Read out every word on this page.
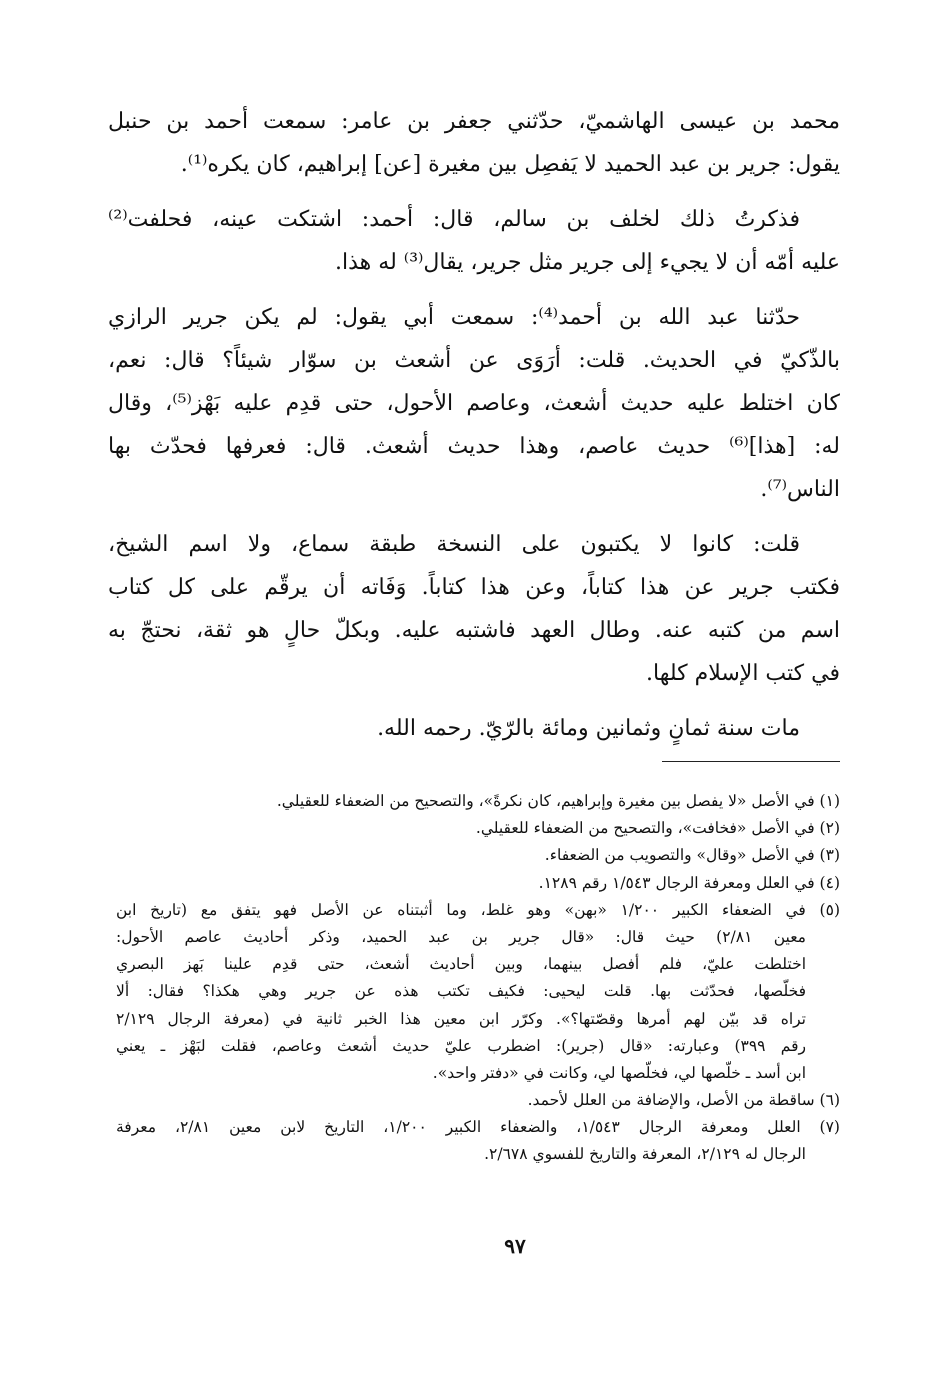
محمد بن عيسى الهاشميّ، حدّثني جعفر بن عامر: سمعت أحمد بن حنبل
يقول: جرير بن عبد الحميد لا يَفصِل بين مغيرة [عن] إبراهيم، كان يكره⁽¹⁾.
فذكرتُ ذلك لخلف بن سالم، قال: أحمد: اشتكت عينه، فحلفت⁽²⁾
عليه أمّه أن لا يجيء إلى جرير مثل جرير، يقال⁽³⁾ له هذا.
حدّثنا عبد الله بن أحمد⁽⁴⁾: سمعت أبي يقول: لم يكن جرير الرازي
بالذّكيّ في الحديث. قلت: أرَوَى عن أشعث بن سوّار شيئاً؟ قال: نعم،
كان اختلط عليه حديث أشعث، وعاصم الأحول، حتى قدِم عليه بَهْز⁽⁵⁾، وقال
له: [هذا]⁽⁶⁾ حديث عاصم، وهذا حديث أشعث. قال: فعرفها فحدّث بها
الناس⁽⁷⁾.
قلت: كانوا لا يكتبون على النسخة طبقة سماع، ولا اسم الشيخ،
فكتب جرير عن هذا كتاباً، وعن هذا كتاباً. وَفَاته أن يرقّم على كل كتاب
اسم من كتبه عنه. وطال العهد فاشتبه عليه. وبكلّ حالٍ هو ثقة، نحتجّ به
في كتب الإسلام كلها.
مات سنة ثمانٍ وثمانين ومائة بالرّيّ. رحمه الله.
(١) في الأصل «لا يفصل بين مغيرة وإبراهيم، كان نكرةً»، والتصحيح من الضعفاء للعقيلي.
(٢) في الأصل «فخافت»، والتصحيح من الضعفاء للعقيلي.
(٣) في الأصل «وقال» والتصويب من الضعفاء.
(٤) في العلل ومعرفة الرجال ١/٥٤٣ رقم ١٢٨٩.
(٥) في الضعفاء الكبير ١/٢٠٠ «بهن» وهو غلط، وما أثبتناه عن الأصل فهو يتفق مع (تاريخ ابن
معين ٢/٨١) حيث قال: «قال جرير بن عبد الحميد، وذكر أحاديث عاصم الأحول:
اختلطت عليّ، فلم أفصل بينهما، وبين أحاديث أشعث، حتى قدِم علينا بَهز البصري
فخلّصها، فحدّثت بها. قلت ليحيى: فكيف تكتب هذه عن جرير وهي هكذا؟ فقال: ألا
تراه قد بيّن لهم أمرها وقصّتها؟». وكرّر ابن معين هذا الخبر ثانية في (معرفة الرجال ٢/١٢٩
رقم ٣٩٩) وعبارته: «قال (جرير): اضطرب عليّ حديث أشعث وعاصم، فقلت لبَهْز ـ يعني
ابن أسد ـ خلّصها لي، فخلّصها لي، وكانت في «دفتر واحد».
(٦) ساقطة من الأصل، والإضافة من العلل لأحمد.
(٧) العلل ومعرفة الرجال ١/٥٤٣، والضعفاء الكبير ١/٢٠٠، التاريخ لابن معين ٢/٨١، معرفة
الرجال له ٢/١٢٩، المعرفة والتاريخ للفسوي ٢/٦٧٨.
٩٧
